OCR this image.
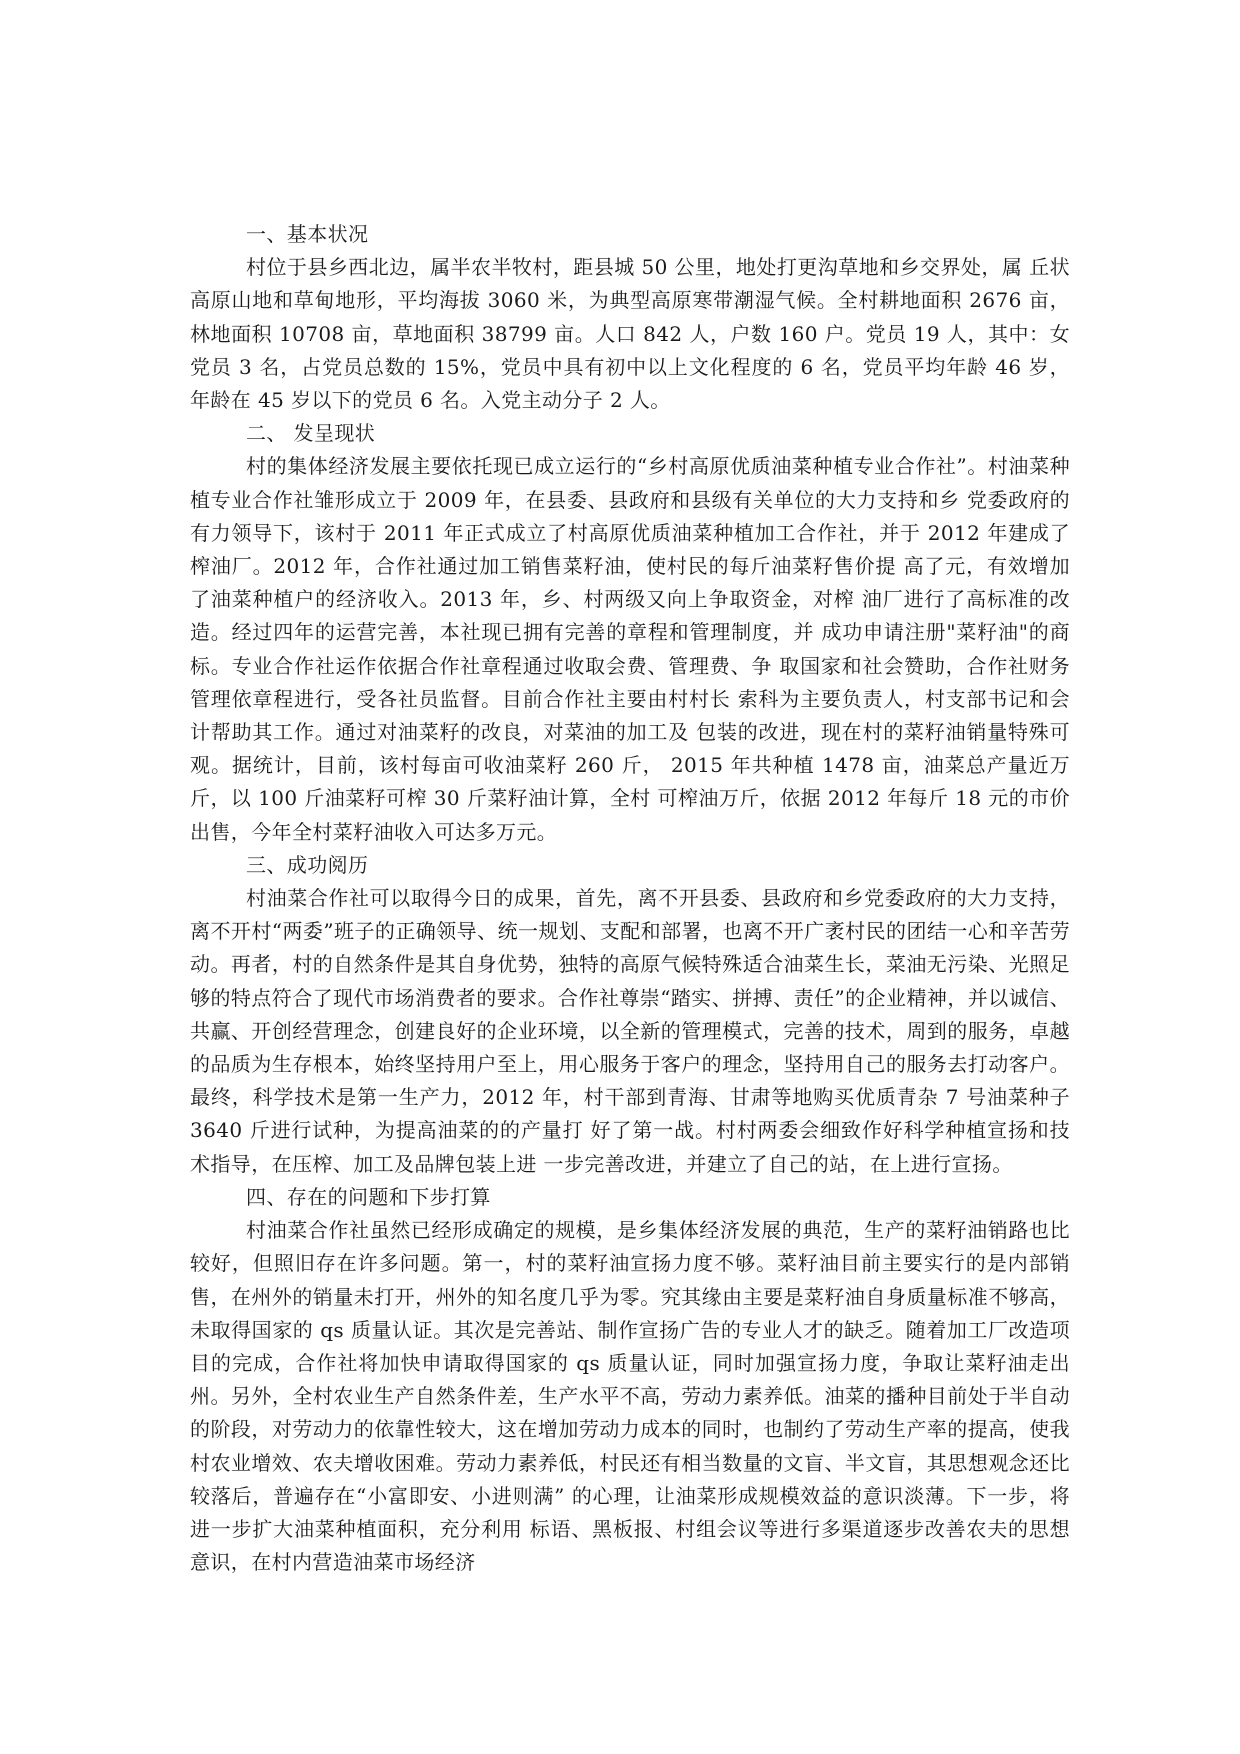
一、基本状况

村位于县乡西北边，属半农半牧村，距县城 50 公里，地处打更沟草地和乡交界处，属 丘状高原山地和草甸地形，平均海拔 3060 米，为典型高原寒带潮湿气候。全村耕地面积 2676 亩，林地面积 10708 亩，草地面积 38799 亩。人口 842 人，户数 160 户。党员 19 人，其中：女 党员 3 名，占党员总数的 15%，党员中具有初中以上文化程度的 6 名，党员平均年龄 46 岁， 年龄在 45 岁以下的党员 6 名。入党主动分子 2 人。

二、 发呈现状

村的集体经济发展主要依托现已成立运行的“乡村高原优质油菜种植专业合作社”。村油菜种植专业合作社雏形成立于 2009 年，在县委、县政府和县级有关单位的大力支持和乡 党委政府的有力领导下，该村于 2011 年正式成立了村高原优质油菜种植加工合作社，并于 2012 年建成了榨油厂。2012 年，合作社通过加工销售菜籽油，使村民的每斤油菜籽售价提 高了元，有效增加了油菜种植户的经济收入。2013 年，乡、村两级又向上争取资金，对榨 油厂进行了高标准的改造。经过四年的运营完善，本社现已拥有完善的章程和管理制度，并 成功申请注册"菜籽油"的商标。专业合作社运作依据合作社章程通过收取会费、管理费、争 取国家和社会赞助，合作社财务管理依章程进行，受各社员监督。目前合作社主要由村村长 索科为主要负责人，村支部书记和会计帮助其工作。通过对油菜籽的改良，对菜油的加工及 包装的改进，现在村的菜籽油销量特殊可观。据统计，目前，该村每亩可收油菜籽 260 斤， 2015 年共种植 1478 亩，油菜总产量近万斤，以 100 斤油菜籽可榨 30 斤菜籽油计算，全村 可榨油万斤，依据 2012 年每斤 18 元的市价出售，今年全村菜籽油收入可达多万元。

三、成功阅历

村油菜合作社可以取得今日的成果，首先，离不开县委、县政府和乡党委政府的大力支持，离不开村“两委”班子的正确领导、统一规划、支配和部署，也离不开广袤村民的团结一心和辛苦劳动。再者，村的自然条件是其自身优势，独特的高原气候特殊适合油菜生长，菜油无污染、光照足够的特点符合了现代市场消费者的要求。合作社尊崇“踏实、拼搏、责任”的企业精神，并以诚信、共赢、开创经营理念，创建良好的企业环境，以全新的管理模式，完善的技术，周到的服务，卓越的品质为生存根本，始终坚持用户至上，用心服务于客户的理念，坚持用自己的服务去打动客户。最终，科学技术是第一生产力，2012 年，村干部到青海、甘肃等地购买优质青杂 7 号油菜种子 3640 斤进行试种，为提高油菜的的产量打 好了第一战。村村两委会细致作好科学种植宣扬和技术指导，在压榨、加工及品牌包装上进 一步完善改进，并建立了自己的站，在上进行宣扬。

四、存在的问题和下步打算

村油菜合作社虽然已经形成确定的规模，是乡集体经济发展的典范，生产的菜籽油销路也比较好，但照旧存在许多问题。第一，村的菜籽油宣扬力度不够。菜籽油目前主要实行的是内部销售，在州外的销量未打开，州外的知名度几乎为零。究其缘由主要是菜籽油自身质量标准不够高，未取得国家的 qs 质量认证。其次是完善站、制作宣扬广告的专业人才的缺乏。随着加工厂改造项目的完成，合作社将加快申请取得国家的 qs 质量认证，同时加强宣扬力度，争取让菜籽油走出州。另外，全村农业生产自然条件差，生产水平不高，劳动力素养低。油菜的播种目前处于半自动的阶段，对劳动力的依靠性较大，这在增加劳动力成本的同时，也制约了劳动生产率的提高，使我村农业增效、农夫增收困难。劳动力素养低，村民还有相当数量的文盲、半文盲，其思想观念还比较落后，普遍存在“小富即安、小进则满” 的心理，让油菜形成规模效益的意识淡薄。下一步，将进一步扩大油菜种植面积，充分利用 标语、黑板报、村组会议等进行多渠道逐步改善农夫的思想意识，在村内营造油菜市场经济
